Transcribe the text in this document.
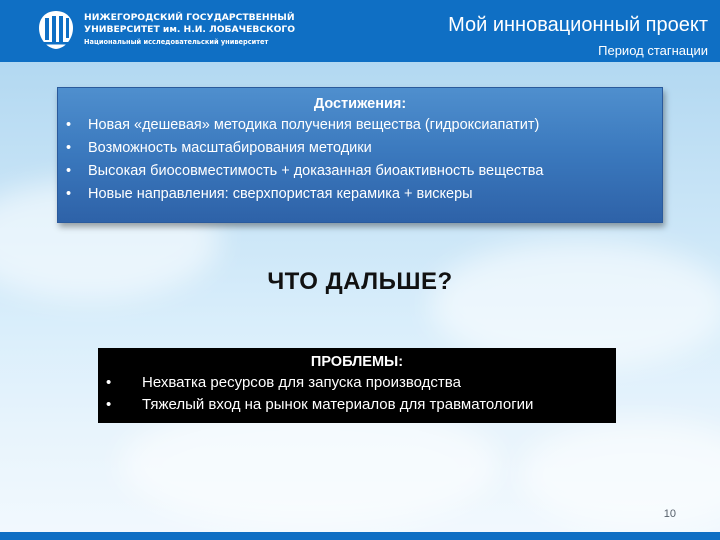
НИЖЕГОРОДСКИЙ ГОСУДАРСТВЕННЫЙ
УНИВЕРСИТЕТ им. Н.И. ЛОБАЧЕВСКОГО
Национальный исследовательский университет
Мой инновационный проект
Период стагнации
Достижения:
• Новая «дешевая» методика получения вещества (гидроксиапатит)
• Возможность масштабирования методики
• Высокая биосовместимость + доказанная биоактивность вещества
• Новые направления: сверхпористая керамика + вискеры
ЧТО ДАЛЬШЕ?
ПРОБЛЕМЫ:
• Нехватка ресурсов для запуска производства
• Тяжелый вход на рынок материалов для травматологии
10
